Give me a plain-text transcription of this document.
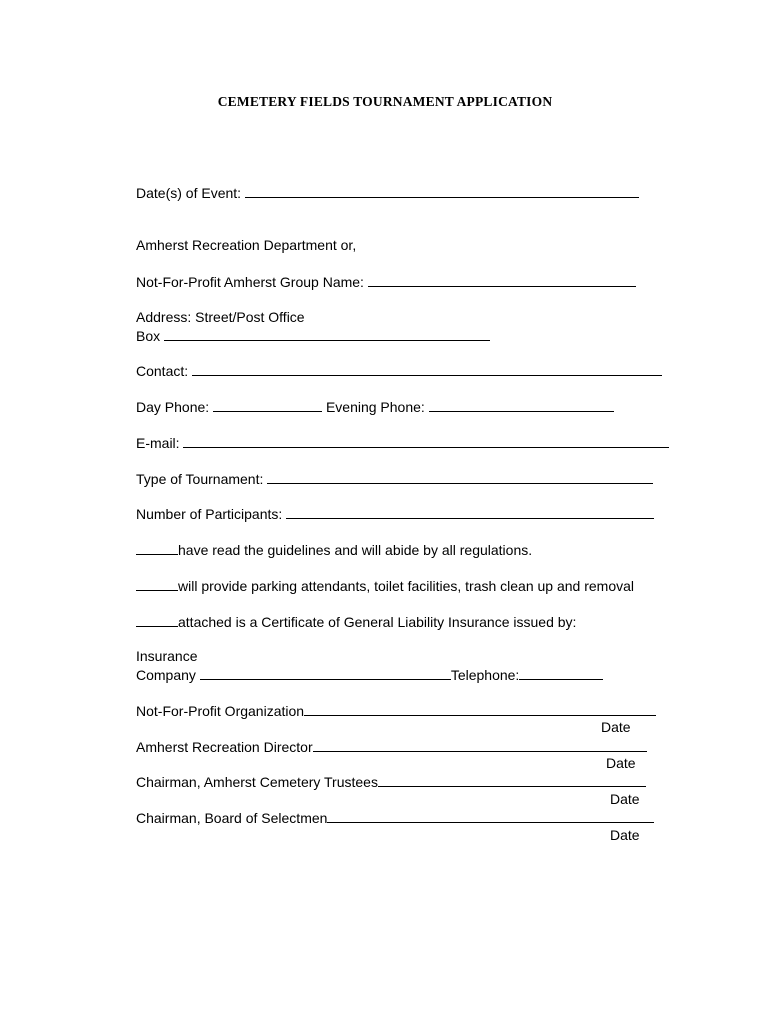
CEMETERY FIELDS TOURNAMENT APPLICATION
Date(s) of Event:
Amherst Recreation Department or,
Not-For-Profit Amherst Group Name:
Address: Street/Post Office
Box
Contact:
Day Phone:	Evening Phone:
E-mail:
Type of Tournament:
Number of Participants:
have read the guidelines and will abide by all regulations.
will provide parking attendants, toilet facilities, trash clean up and removal
attached is a Certificate of General Liability Insurance issued by:
Insurance
Company	Telephone:
Not-For-Profit Organization
Date
Amherst Recreation Director
Date
Chairman, Amherst Cemetery Trustees
Date
Chairman, Board of Selectmen
Date
